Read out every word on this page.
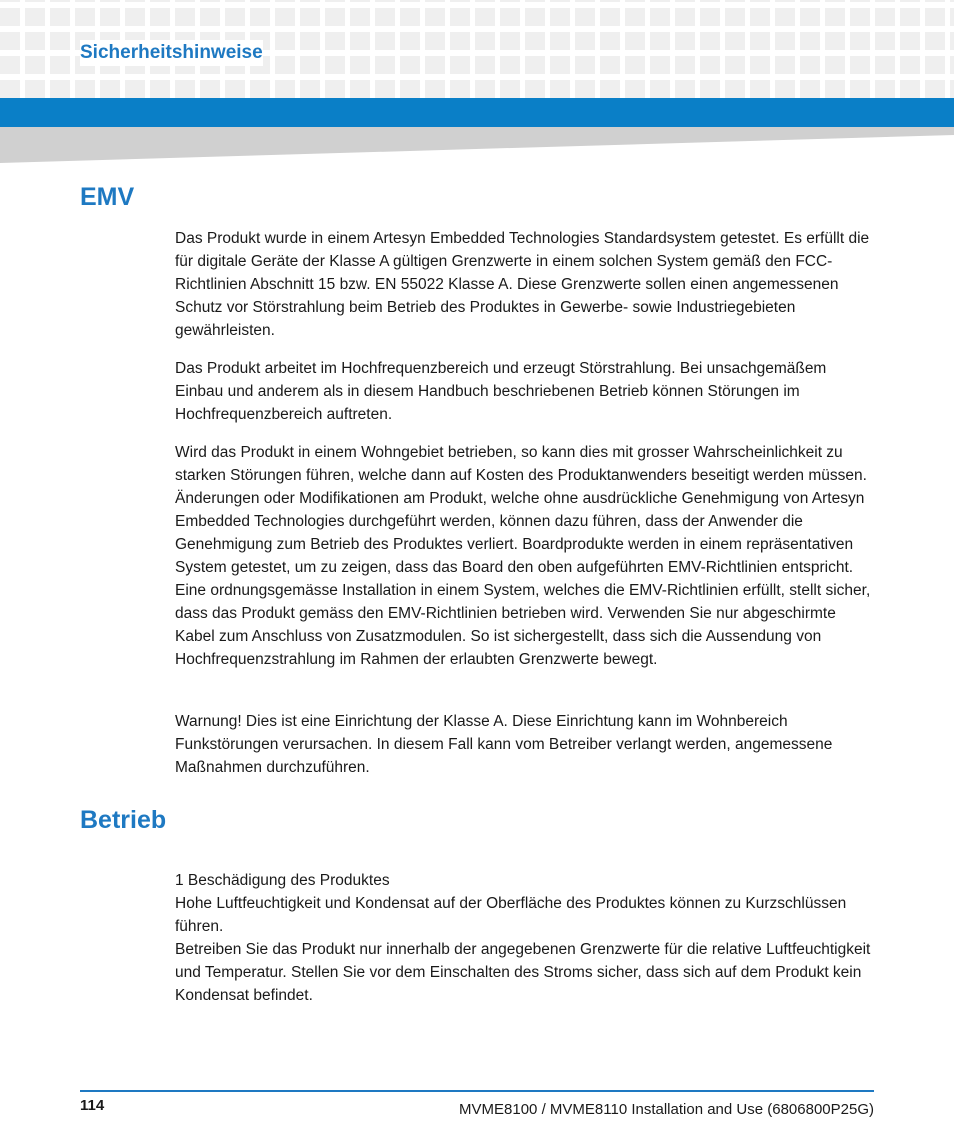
Sicherheitshinweise
EMV

Das Produkt wurde in einem Artesyn Embedded Technologies Standardsystem getestet. Es erfüllt die für digitale Geräte der Klasse A gültigen Grenzwerte in einem solchen System gemäß den FCC-Richtlinien Abschnitt 15 bzw. EN 55022 Klasse A. Diese Grenzwerte sollen einen angemessenen Schutz vor Störstrahlung beim Betrieb des Produktes in Gewerbe- sowie Industriegebieten gewährleisten.

Das Produkt arbeitet im Hochfrequenzbereich und erzeugt Störstrahlung. Bei unsachgemäßem Einbau und anderem als in diesem Handbuch beschriebenen Betrieb können Störungen im Hochfrequenzbereich auftreten.

Wird das Produkt in einem Wohngebiet betrieben, so kann dies mit grosser Wahrscheinlichkeit zu starken Störungen führen, welche dann auf Kosten des Produktanwenders beseitigt werden müssen. Änderungen oder Modifikationen am Produkt, welche ohne ausdrückliche Genehmigung von Artesyn Embedded Technologies durchgeführt werden, können dazu führen, dass der Anwender die Genehmigung zum Betrieb des Produktes verliert. Boardprodukte werden in einem repräsentativen System getestet, um zu zeigen, dass das Board den oben aufgeführten EMV-Richtlinien entspricht. Eine ordnungsgemässe Installation in einem System, welches die EMV-Richtlinien erfüllt, stellt sicher, dass das Produkt gemäss den EMV-Richtlinien betrieben wird. Verwenden Sie nur abgeschirmte Kabel zum Anschluss von Zusatzmodulen. So ist sichergestellt, dass sich die Aussendung von Hochfrequenzstrahlung im Rahmen der erlaubten Grenzwerte bewegt.

Warnung! Dies ist eine Einrichtung der Klasse A. Diese Einrichtung kann im Wohnbereich Funkstörungen verursachen. In diesem Fall kann vom Betreiber verlangt werden, angemessene Maßnahmen durchzuführen.

Betrieb

1 Beschädigung des Produktes

Hohe Luftfeuchtigkeit und Kondensat auf der Oberfläche des Produktes können zu Kurzschlüssen führen.

Betreiben Sie das Produkt nur innerhalb der angegebenen Grenzwerte für die relative Luftfeuchtigkeit und Temperatur. Stellen Sie vor dem Einschalten des Stroms sicher, dass sich auf dem Produkt kein Kondensat befindet.

114	MVME8100 / MVME8110 Installation and Use (6806800P25G)
